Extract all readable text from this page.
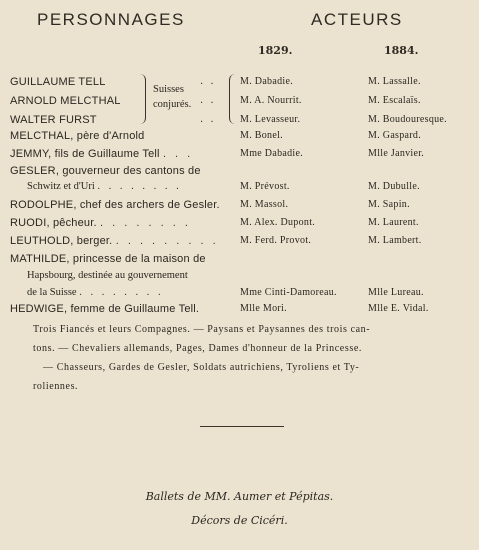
PERSONNAGES	ACTEURS
1829.	1884.
GUILLAUME TELL	M. Dabadie.	M. Lassalle.
ARNOLD MELCTHAL	M. A. Nourrit.	M. Escalaïs.
WALTER FURST	M. Levasseur.	M. Boudouresque.
Suisses
conjurés.
. .
. .
. .
MELCTHAL, père d'Arnold	M. Bonel.	M. Gaspard.
JEMMY, fils de Guillaume Tell . . .	Mme Dabadie.	Mlle Janvier.
GESLER, gouverneur des cantons de
Schwitz et d'Uri . . . . . . . .	M. Prévost.	M. Dubulle.
RODOLPHE, chef des archers de Gesler. M. Massol.	M. Sapin.
RUODI, pêcheur. . . . . . . . .	M. Alex. Dupont.	M. Laurent.
LEUTHOLD, berger. . . . . . . . . . M. Ferd. Provot.	M. Lambert.
MATHILDE, princesse de la maison de
Hapsbourg, destinée au gouvernement
de la Suisse . . . . . . . .	Mme Cinti-Damoreau.	Mlle Lureau.
HEDWIGE, femme de Guillaume Tell.	Mlle Mori.	Mlle E. Vidal.
Trois Fiancés et leurs Compagnes. — Paysans et Paysannes des trois can-
tons. — Chevaliers allemands, Pages, Dames d'honneur de la Princesse.
— Chasseurs, Gardes de Gesler, Soldats autrichiens, Tyroliens et Ty-
roliennes.
Ballets de MM. Aumer et Pépitas.
Décors de Cicéri.
